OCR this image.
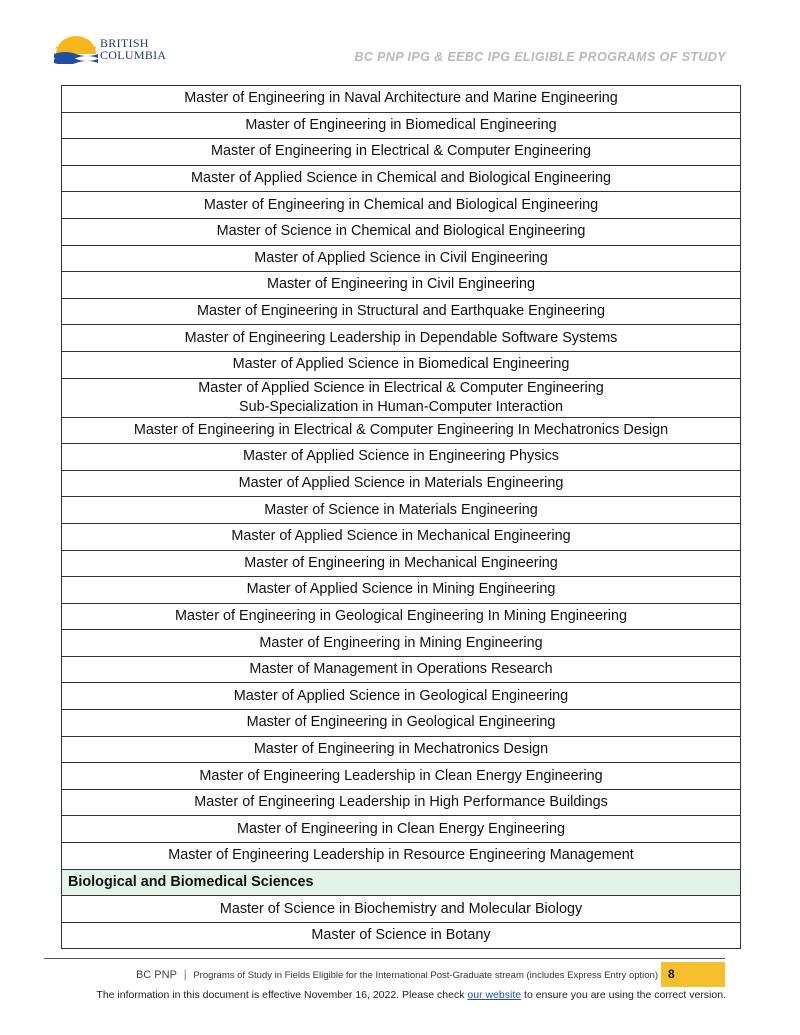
BRITISH
COLUMBIA	BC PNP IPG & EEBC IPG ELIGIBLE PROGRAMS OF STUDY
Master of Engineering in Naval Architecture and Marine Engineering
Master of Engineering in Biomedical Engineering
Master of Engineering in Electrical & Computer Engineering
Master of Applied Science in Chemical and Biological Engineering
Master of Engineering in Chemical and Biological Engineering
Master of Science in Chemical and Biological Engineering
Master of Applied Science in Civil Engineering
Master of Engineering in Civil Engineering
Master of Engineering in Structural and Earthquake Engineering
Master of Engineering Leadership in Dependable Software Systems
Master of Applied Science in Biomedical Engineering

Master of Applied Science in Electrical & Computer Engineering
Sub-Specialization in Human-Computer Interaction

Master of Engineering in Electrical & Computer Engineering In Mechatronics Design
Master of Applied Science in Engineering Physics
Master of Applied Science in Materials Engineering
Master of Science in Materials Engineering
Master of Applied Science in Mechanical Engineering
Master of Engineering in Mechanical Engineering
Master of Applied Science in Mining Engineering
Master of Engineering in Geological Engineering In Mining Engineering
Master of Engineering in Mining Engineering
Master of Management in Operations Research
Master of Applied Science in Geological Engineering
Master of Engineering in Geological Engineering
Master of Engineering in Mechatronics Design
Master of Engineering Leadership in Clean Energy Engineering
Master of Engineering Leadership in High Performance Buildings
Master of Engineering in Clean Energy Engineering
Master of Engineering Leadership in Resource Engineering Management
Biological and Biomedical Sciences
Master of Science in Biochemistry and Molecular Biology
Master of Science in Botany
BC PNP | Programs of Study in Fields Eligible for the International Post-Graduate stream (includes Express Entry option) 8
The information in this document is effective November 16, 2022. Please check our website to ensure you are using the correct version.
